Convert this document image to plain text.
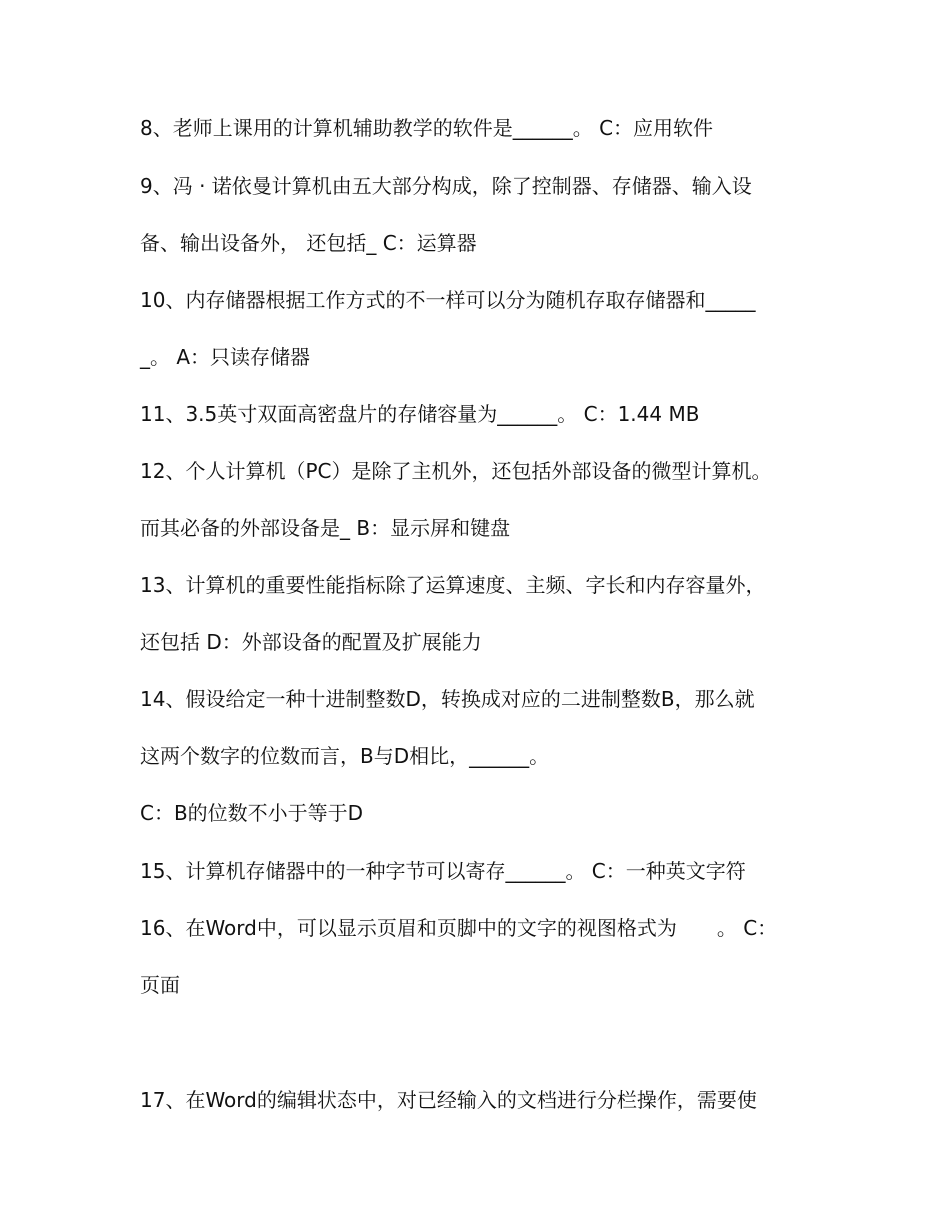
8、老师上课用的计算机辅助教学的软件是______。 C：应用软件
9、冯 · 诺依曼计算机由五大部分构成，除了控制器、存储器、输入设
备、输出设备外， 还包括_ C：运算器
10、内存储器根据工作方式的不一样可以分为随机存取存储器和_____
_。 A：只读存储器
11、3.5英寸双面高密盘片的存储容量为______。 C：1.44 MB
12、个人计算机（PC）是除了主机外，还包括外部设备的微型计算机。
而其必备的外部设备是_ B：显示屏和键盘
13、计算机的重要性能指标除了运算速度、主频、字长和内存容量外，
还包括 D：外部设备的配置及扩展能力
14、假设给定一种十进制整数D，转换成对应的二进制整数B，那么就
这两个数字的位数而言，B与D相比，______。
C：B的位数不小于等于D
15、计算机存储器中的一种字节可以寄存______。 C：一种英文字符
16、在Word中，可以显示页眉和页脚中的文字的视图格式为　　。 C：
页面
17、在Word的编辑状态中，对已经输入的文档进行分栏操作，需要使
